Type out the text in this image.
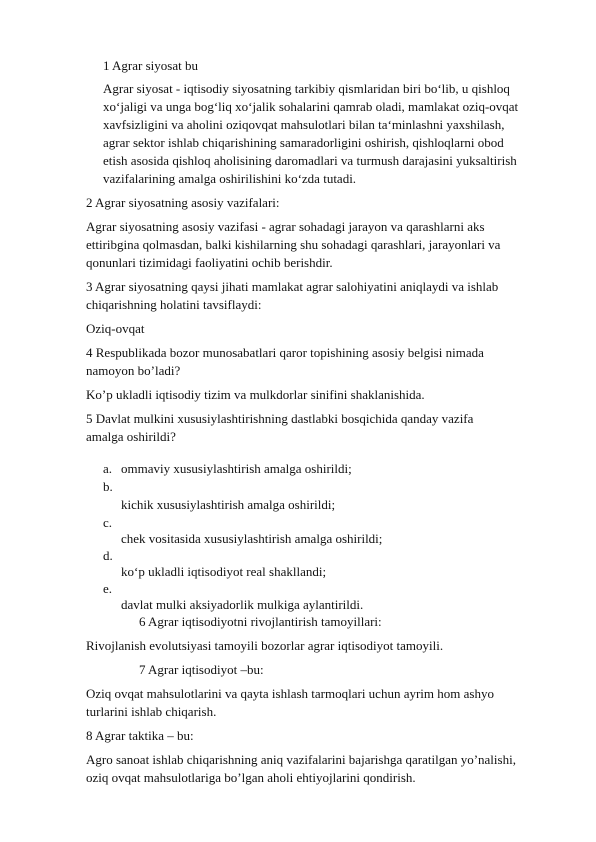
1 Agrar siyosat bu
Agrar siyosat - iqtisodiy siyosatning tarkibiy qismlaridan biri bo‘lib, u qishloq
xo‘jaligi va unga bog‘liq xo‘jalik sohalarini qamrab oladi, mamlakat oziq-ovqat
xavfsizligini va aholini oziqovqat mahsulotlari bilan ta‘minlashni yaxshilash,
agrar sektor ishlab chiqarishining samaradorligini oshirish, qishloqlarni obod
etish asosida qishloq aholisining daromadlari va turmush darajasini yuksaltirish
vazifalarining amalga oshirilishini ko‘zda tutadi.
2 Agrar siyosatning asosiy vazifalari:
Agrar siyosatning asosiy vazifasi - agrar sohadagi jarayon va qarashlarni aks
ettiribgina qolmasdan, balki kishilarning shu sohadagi qarashlari, jarayonlari va
qonunlari tizimidagi faoliyatini ochib berishdir.
3 Agrar siyosatning qaysi jihati mamlakat agrar salohiyatini aniqlaydi va ishlab
chiqarishning holatini tavsiflaydi:
Oziq-ovqat
4 Respublikada bozor munosabatlari qaror topishining asosiy belgisi nimada
namoyon bo’ladi?
Ko’p ukladli iqtisodiy tizim va mulkdorlar sinifini shaklanishida.
5 Davlat mulkini xususiylashtirishning dastlabki bosqichida qanday vazifa
amalga oshirildi?
a. ommaviy xususiylashtirish amalga oshirildi;
b.
kichik xususiylashtirish amalga oshirildi;
c.
chek vositasida xususiylashtirish amalga oshirildi;
d.
ko‘p ukladli iqtisodiyot real shakllandi;
e.
davlat mulki aksiyadorlik mulkiga aylantirildi.
6 Agrar iqtisodiyotni rivojlantirish tamoyillari:
Rivojlanish evolutsiyasi tamoyili bozorlar agrar iqtisodiyot tamoyili.
7 Agrar iqtisodiyot –bu:
Oziq ovqat mahsulotlarini va qayta ishlash tarmoqlari uchun ayrim hom ashyo
turlarini ishlab chiqarish.
8 Agrar taktika – bu:
Agro sanoat ishlab chiqarishning aniq vazifalarini bajarishga qaratilgan yo’nalishi,
oziq ovqat mahsulotlariga bo’lgan aholi ehtiyojlarini qondirish.
